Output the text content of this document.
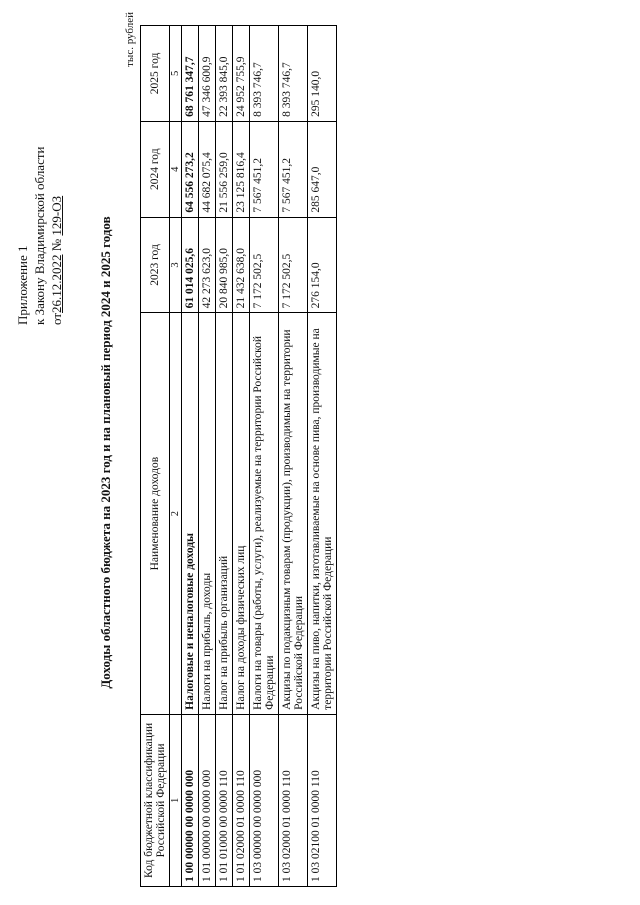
Приложение 1 к Закону Владимирской области от26.12.2022 № 129-ОЗ
Доходы областного бюджета на 2023 год и на плановый период 2024 и 2025 годов
тыс. рублей
Код бюджетной классификации Российской Федерации	Наименование доходов	2023 год	2024 год	2025 год
1	2	3	4	5
1 00 00000 00 0000 000	Налоговые и неналоговые доходы	61 014 025,6	64 556 273,2	68 761 347,7
1 01 00000 00 0000 000	Налоги на прибыль, доходы	42 273 623,0	44 682 075,4	47 346 600,9
1 01 01000 00 0000 110	Налог на прибыль организаций	20 840 985,0	21 556 259,0	22 393 845,0
1 01 02000 01 0000 110	Налог на доходы физических лиц	21 432 638,0	23 125 816,4	24 952 755,9
1 03 00000 00 0000 000	Налоги на товары (работы, услуги), реализуемые на территории Российской Федерации	7 172 502,5	7 567 451,2	8 393 746,7
1 03 02000 01 0000 110	Акцизы по подакцизным товарам (продукции), производимым на территории Российской Федерации	7 172 502,5	7 567 451,2	8 393 746,7
1 03 02100 01 0000 110	Акцизы на пиво, напитки, изготавливаемые на основе пива, производимые на территории Российской Федерации	276 154,0	285 647,0	295 140,0
